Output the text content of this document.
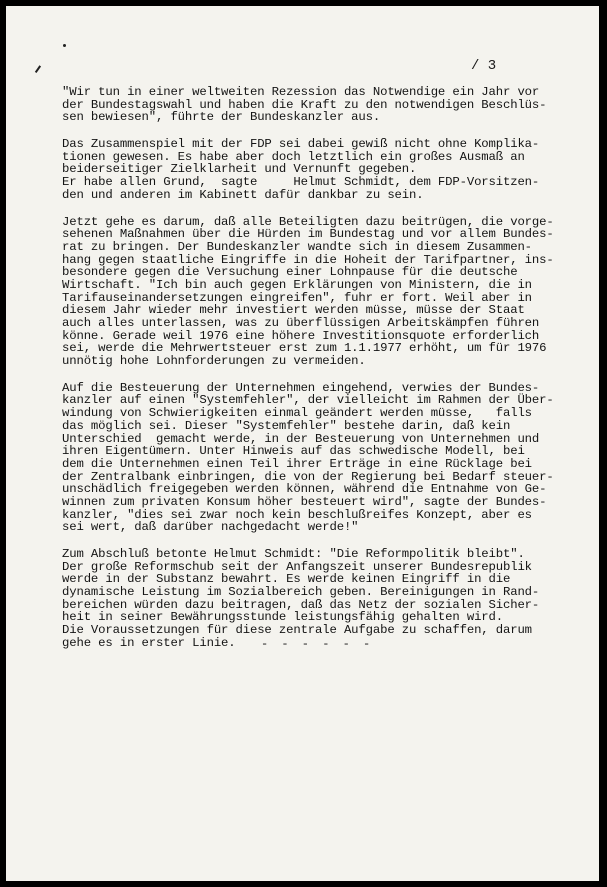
/ 3
"Wir tun in einer weltweiten Rezession das Notwendige ein Jahr vor
der Bundestagswahl und haben die Kraft zu den notwendigen Beschlüs-
sen bewiesen", führte der Bundeskanzler aus.
Das Zusammenspiel mit der FDP sei dabei gewiß nicht ohne Komplika-
tionen gewesen. Es habe aber doch letztlich ein großes Ausmaß an
beiderseitiger Zielklarheit und Vernunft gegeben.
Er habe allen Grund,  sagte     Helmut Schmidt, dem FDP-Vorsitzen-
den und anderen im Kabinett dafür dankbar zu sein.
Jetzt gehe es darum, daß alle Beteiligten dazu beitrügen, die vorge-
sehenen Maßnahmen über die Hürden im Bundestag und vor allem Bundes-
rat zu bringen. Der Bundeskanzler wandte sich in diesem Zusammen-
hang gegen staatliche Eingriffe in die Hoheit der Tarifpartner, ins-
besondere gegen die Versuchung einer Lohnpause für die deutsche
Wirtschaft. "Ich bin auch gegen Erklärungen von Ministern, die in
Tarifauseinandersetzungen eingreifen", fuhr er fort. Weil aber in
diesem Jahr wieder mehr investiert werden müsse, müsse der Staat
auch alles unterlassen, was zu überflüssigen Arbeitskämpfen führen
könne. Gerade weil 1976 eine höhere Investitionsquote erforderlich
sei, werde die Mehrwertsteuer erst zum 1.1.1977 erhöht, um für 1976
unnötig hohe Lohnforderungen zu vermeiden.
Auf die Besteuerung der Unternehmen eingehend, verwies der Bundes-
kanzler auf einen "Systemfehler", der vielleicht im Rahmen der Über-
windung von Schwierigkeiten einmal geändert werden müsse,   falls
das möglich sei. Dieser "Systemfehler" bestehe darin, daß kein
Unterschied  gemacht werde, in der Besteuerung von Unternehmen und
ihren Eigentümern. Unter Hinweis auf das schwedische Modell, bei
dem die Unternehmen einen Teil ihrer Erträge in eine Rücklage bei
der Zentralbank einbringen, die von der Regierung bei Bedarf steuer-
unschädlich freigegeben werden können, während die Entnahme von Ge-
winnen zum privaten Konsum höher besteuert wird", sagte der Bundes-
kanzler, "dies sei zwar noch kein beschlußreifes Konzept, aber es
sei wert, daß darüber nachgedacht werde!"
Zum Abschluß betonte Helmut Schmidt: "Die Reformpolitik bleibt".
Der große Reformschub seit der Anfangszeit unserer Bundesrepublik
werde in der Substanz bewahrt. Es werde keinen Eingriff in die
dynamische Leistung im Sozialbereich geben. Bereinigungen in Rand-
bereichen würden dazu beitragen, daß das Netz der sozialen Sicher-
heit in seiner Bewährungsstunde leistungsfähig gehalten wird.
Die Voraussetzungen für diese zentrale Aufgabe zu schaffen, darum
gehe es in erster Linie.	- - - - - -
